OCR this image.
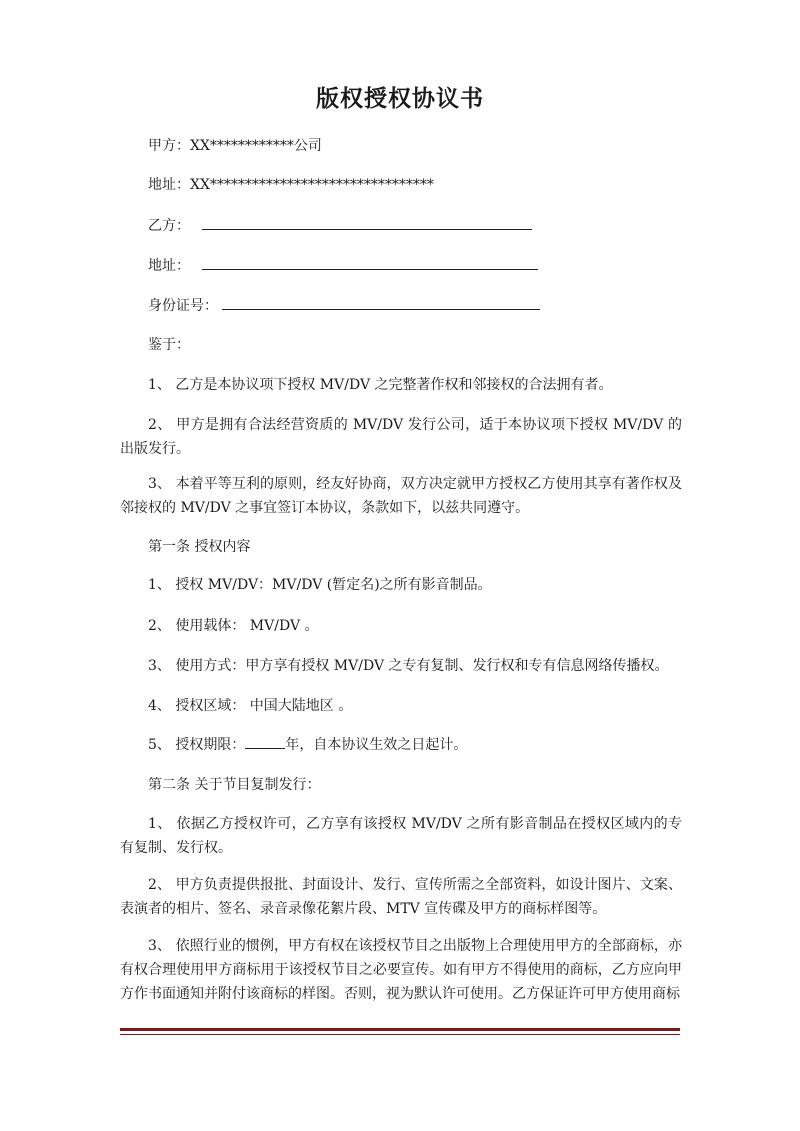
版权授权协议书
甲方：XX************公司
地址：XX********************************
乙方：
地址：
身份证号：
鉴于：
1、 乙方是本协议项下授权 MV/DV 之完整著作权和邻接权的合法拥有者。
2、 甲方是拥有合法经营资质的 MV/DV 发行公司，适于本协议项下授权 MV/DV 的出版发行。
3、 本着平等互利的原则，经友好协商，双方决定就甲方授权乙方使用其享有著作权及邻接权的 MV/DV 之事宜签订本协议，条款如下，以兹共同遵守。
第一条 授权内容
1、 授权 MV/DV：MV/DV (暂定名)之所有影音制品。
2、 使用载体： MV/DV 。
3、 使用方式：甲方享有授权 MV/DV 之专有复制、发行权和专有信息网络传播权。
4、 授权区域： 中国大陆地区 。
5、 授权期限：	年，自本协议生效之日起计。
第二条 关于节目复制发行：
1、 依据乙方授权许可，乙方享有该授权 MV/DV 之所有影音制品在授权区域内的专有复制、发行权。
2、 甲方负责提供报批、封面设计、发行、宣传所需之全部资料，如设计图片、文案、表演者的相片、签名、录音录像花絮片段、MTV 宣传碟及甲方的商标样图等。
3、 依照行业的惯例，甲方有权在该授权节目之出版物上合理使用甲方的全部商标，亦有权合理使用甲方商标用于该授权节目之必要宣传。如有甲方不得使用的商标，乙方应向甲方作书面通知并附付该商标的样图。否则，视为默认许可使用。乙方保证许可甲方使用商标
